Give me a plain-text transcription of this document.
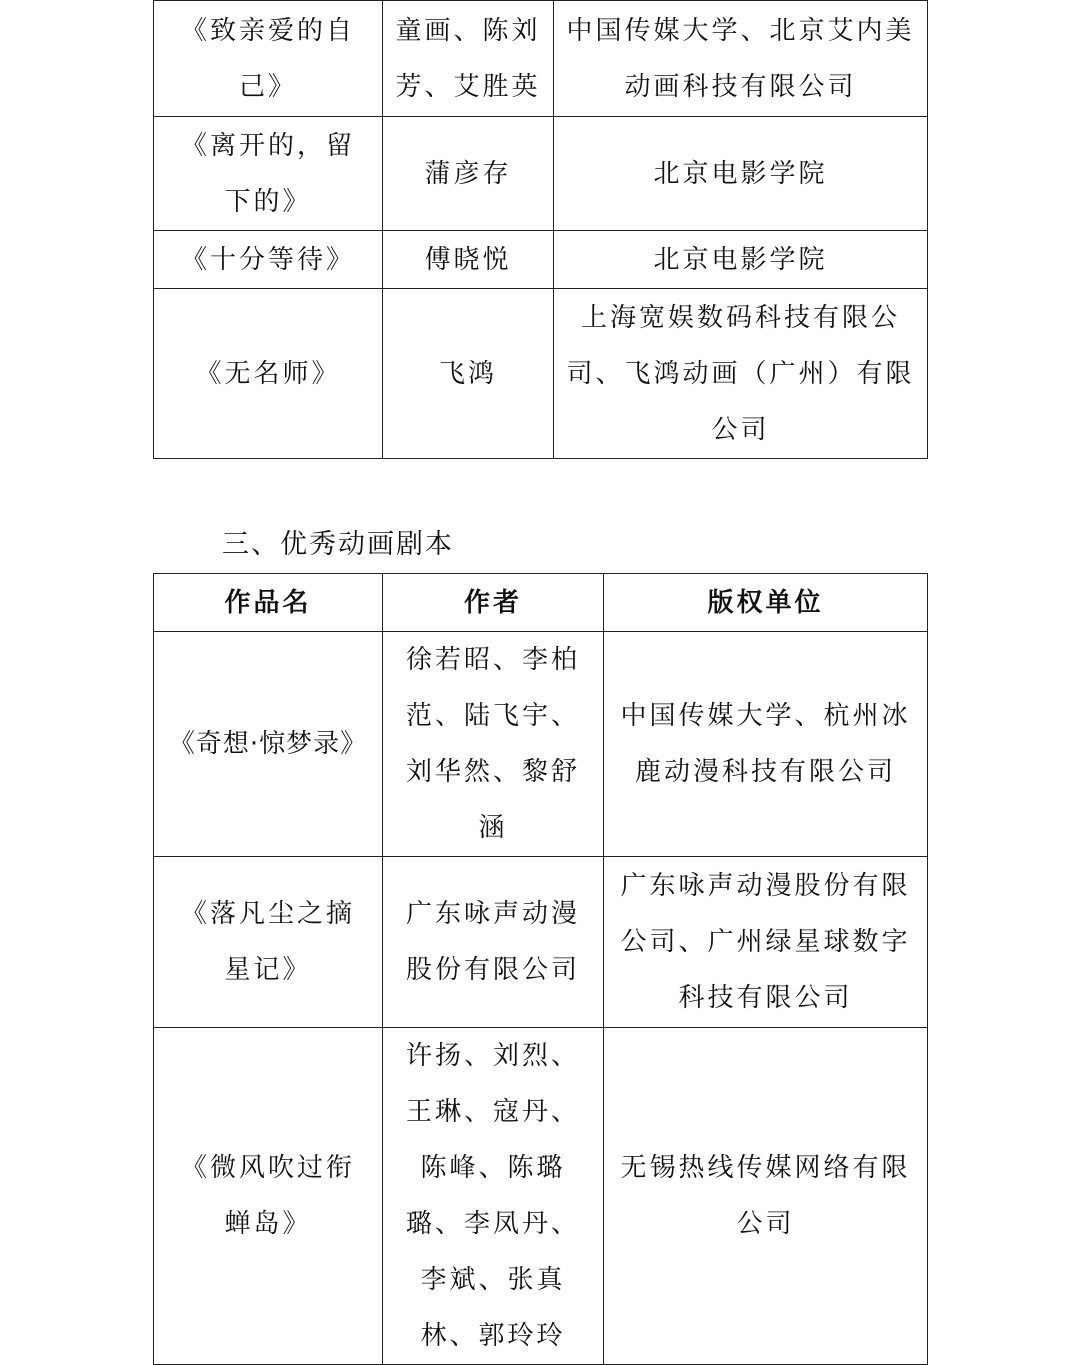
《致亲爱的自己》	童画、陈刘芳、艾胜英	中国传媒大学、北京艾内美动画科技有限公司
《离开的，留下的》	蒲彦存	北京电影学院
《十分等待》	傅晓悦	北京电影学院
《无名师》	飞鸿	上海宽娱数码科技有限公司、飞鸿动画（广州）有限公司
三、优秀动画剧本
作品名	作者	版权单位
《奇想·惊梦录》	徐若昭、李柏范、陆飞宇、刘华然、黎舒涵	中国传媒大学、杭州冰鹿动漫科技有限公司
《落凡尘之摘星记》	广东咏声动漫股份有限公司	广东咏声动漫股份有限公司、广州绿星球数字科技有限公司
《微风吹过衔蝉岛》	许扬、刘烈、王琳、寇丹、陈峰、陈璐璐、李凤丹、李斌、张真林、郭玲玲	无锡热线传媒网络有限公司
